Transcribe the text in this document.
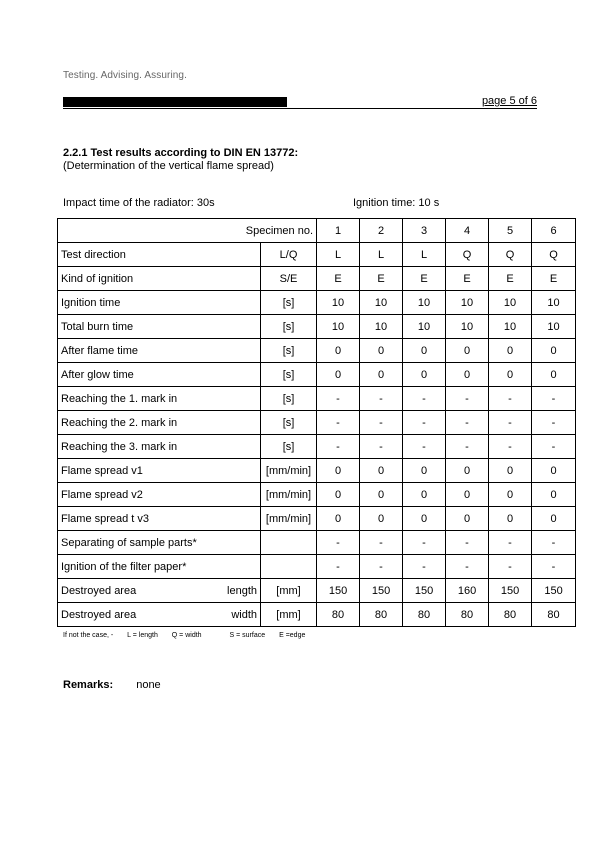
Testing. Advising. Assuring.
page 5 of 6
2.2.1 Test results according to DIN EN 13772:
(Determination of the vertical flame spread)
Impact time of the radiator: 30s	Ignition time: 10 s
Specimen no.		1	2	3	4	5	6

Test direction	L/Q	L	L	L	Q	Q	Q

Kind of ignition	S/E	E	E	E	E	E	E

Ignition time	[s]	10	10	10	10	10	10

Total burn time	[s]	10	10	10	10	10	10

After flame time	[s]	0	0	0	0	0	0

After glow time	[s]	0	0	0	0	0	0

Reaching the 1. mark in	[s]	-	-	-	-	-	-

Reaching the 2. mark in	[s]	-	-	-	-	-	-

Reaching the 3. mark in	[s]	-	-	-	-	-	-

Flame spread v1	[mm/min]	0	0	0	0	0	0

Flame spread v2	[mm/min]	0	0	0	0	0	0

Flame spread t v3	[mm/min]	0	0	0	0	0	0

Separating of sample parts*		-	-	-	-	-	-

Ignition of the filter paper*		-	-	-	-	-	-

Destroyed area length	[mm]	150	150	150	160	150	150

Destroyed area width	[mm]	80	80	80	80	80	80
If not the case, - L = length Q = width	S = surface E =edge
Remarks: none
